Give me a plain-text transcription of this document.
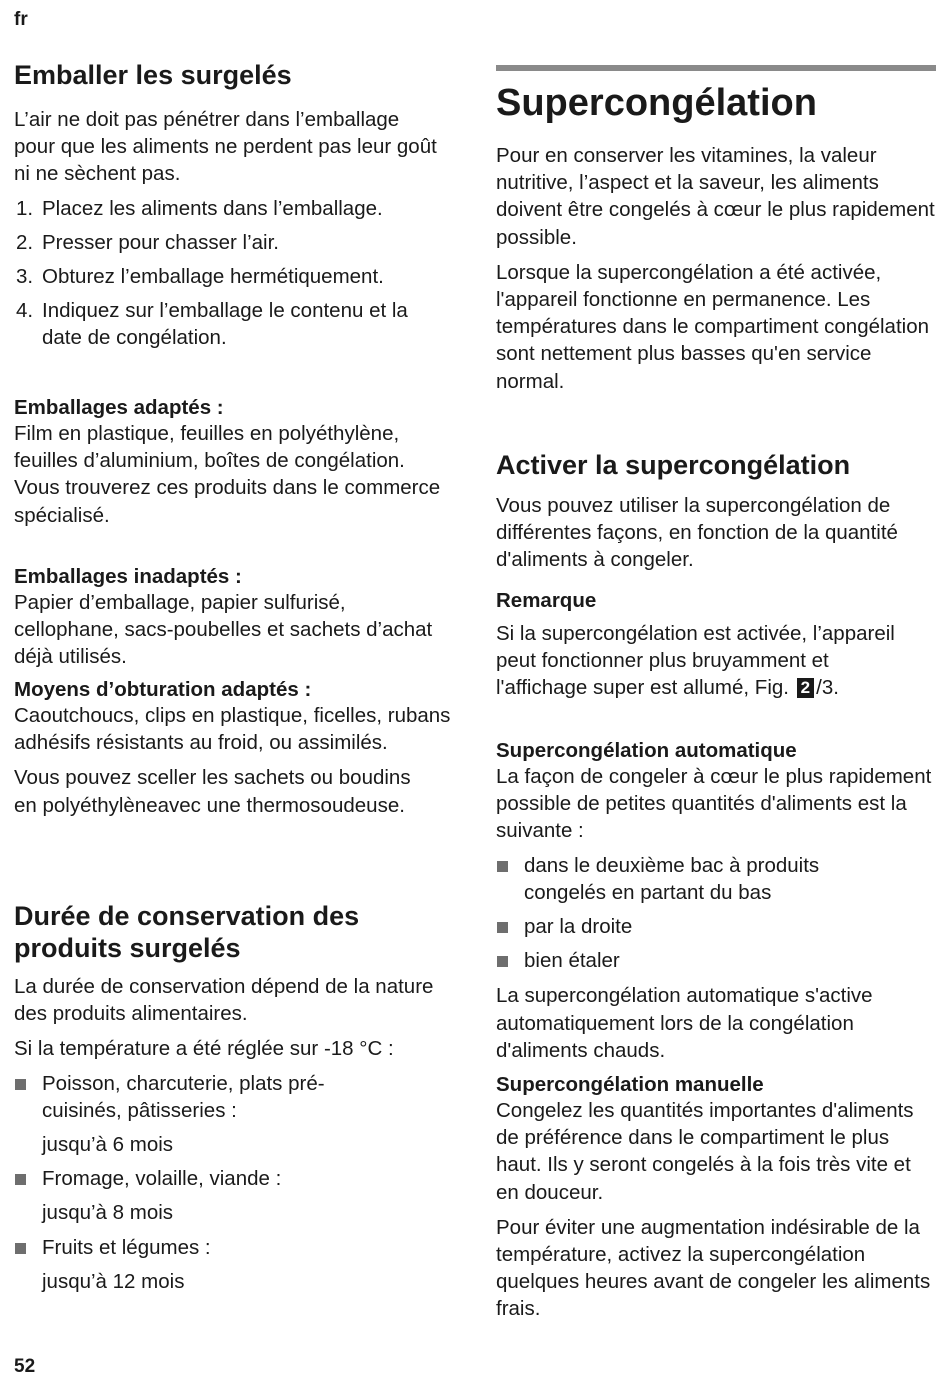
fr
Emballer les surgelés

L’air ne doit pas pénétrer dans l’emballage pour que les aliments ne perdent pas leur goût ni ne sèchent pas.

1. Placez les aliments dans l’emballage.
2. Presser pour chasser l’air.
3. Obturez l’emballage hermétiquement.
4. Indiquez sur l’emballage le contenu et la date de congélation.
Emballages adaptés :

Film en plastique, feuilles en polyéthylène, feuilles d’aluminium, boîtes de congélation.

Vous trouverez ces produits dans le commerce spécialisé.

Emballages inadaptés :

Papier d’emballage, papier sulfurisé, cellophane, sacs-poubelles et sachets d’achat déjà utilisés.

Moyens d’obturation adaptés :

Caoutchoucs, clips en plastique, ficelles, rubans adhésifs résistants au froid, ou assimilés.

Vous pouvez sceller les sachets ou boudins en polyéthylèneavec une thermosoudeuse.

Durée de conservation des produits surgelés

La durée de conservation dépend de la nature des produits alimentaires.

Si la température a été réglée sur -18 °C :

Poisson, charcuterie, plats pré-cuisinés, pâtisseries :
jusqu’à 6 mois
Fromage, volaille, viande :
jusqu’à 8 mois
Fruits et légumes :
jusqu’à 12 mois
Supercongélation

Pour en conserver les vitamines, la valeur nutritive, l’aspect et la saveur, les aliments doivent être congelés à cœur le plus rapidement possible.

Lorsque la supercongélation a été activée, l'appareil fonctionne en permanence. Les températures dans le compartiment congélation sont nettement plus basses qu'en service normal.

Activer la supercongélation

Vous pouvez utiliser la supercongélation de différentes façons, en fonction de la quantité d'aliments à congeler.

Remarque

Si la supercongélation est activée, l’appareil peut fonctionner plus bruyamment et l'affichage super est allumé, Fig. 2 /3.

Supercongélation automatique

La façon de congeler à cœur le plus rapidement possible de petites quantités d'aliments est la suivante :

dans le deuxième bac à produits congelés en partant du bas
par la droite
bien étaler

La supercongélation automatique s'active automatiquement lors de la congélation d'aliments chauds.

Supercongélation manuelle

Congelez les quantités importantes d'aliments de préférence dans le compartiment le plus haut. Ils y seront congelés à la fois très vite et en douceur.

Pour éviter une augmentation indésirable de la température, activez la supercongélation quelques heures avant de congeler les aliments frais.

52
